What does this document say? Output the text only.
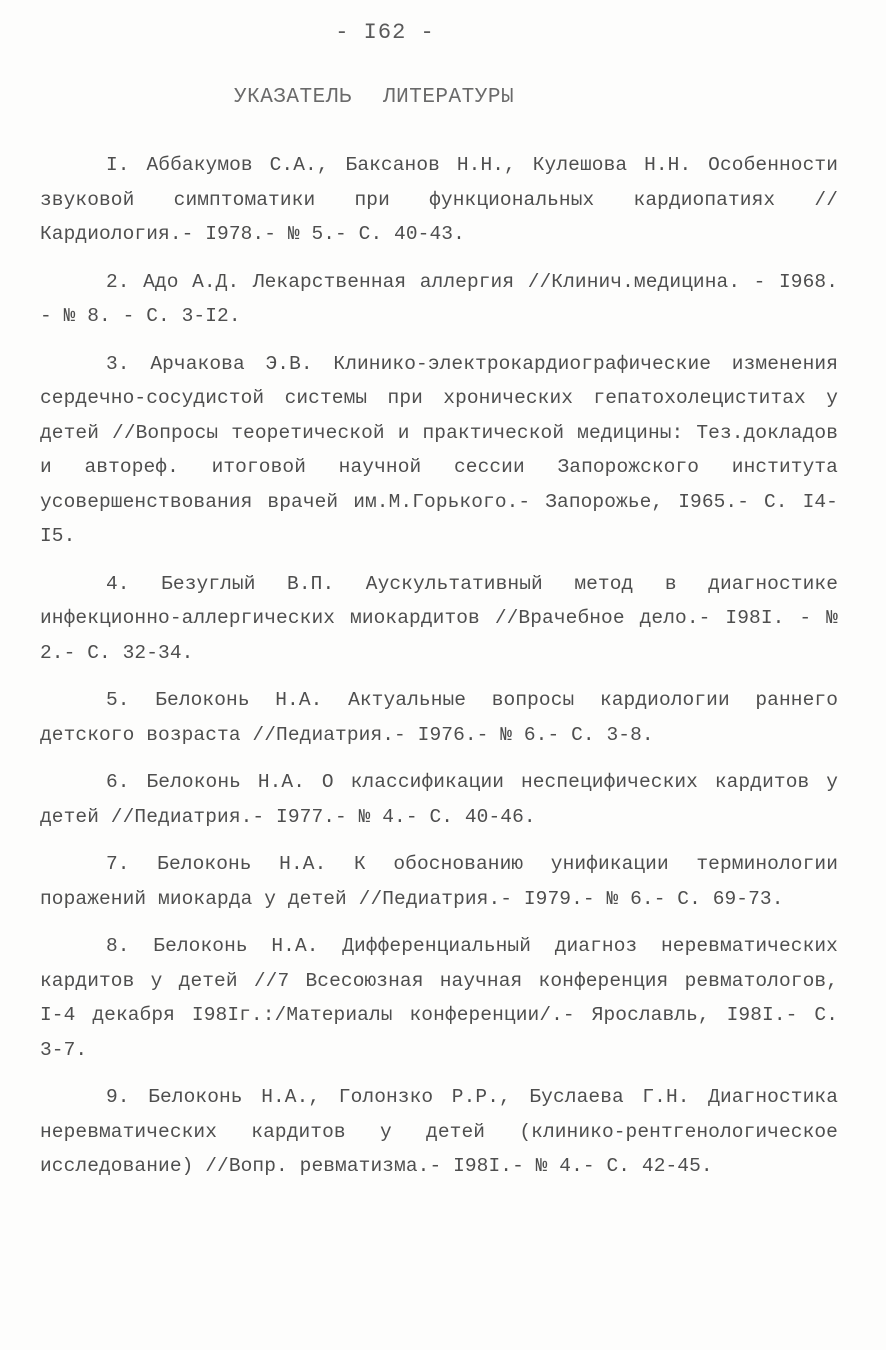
- I62 -
УКАЗАТЕЛЬ ЛИТЕРАТУРЫ
I. Аббакумов С.А., Баксанов Н.Н., Кулешова Н.Н. Особенности звуковой симптоматики при функциональных кардиопатиях //Кардиология.- I978.- № 5.- С. 40-43.
2. Адо А.Д. Лекарственная аллергия //Клинич.медицина. - I968. - № 8. - С. 3-I2.
3. Арчакова Э.В. Клинико-электрокардиографические изменения сердечно-сосудистой системы при хронических гепатохолециститах у детей //Вопросы теоретической и практической медицины: Тез.докладов и автореф. итоговой научной сессии Запорожского института усовершенствования врачей им.М.Горького.- Запорожье, I965.- С. I4-I5.
4. Безуглый В.П. Аускультативный метод в диагностике инфекционно-аллергических миокардитов //Врачебное дело.- I98I. - № 2.- С. 32-34.
5. Белоконь Н.А. Актуальные вопросы кардиологии раннего детского возраста //Педиатрия.- I976.- № 6.- С. 3-8.
6. Белоконь Н.А. О классификации неспецифических кардитов у детей //Педиатрия.- I977.- № 4.- С. 40-46.
7. Белоконь Н.А. К обоснованию унификации терминологии поражений миокарда у детей //Педиатрия.- I979.- № 6.- С. 69-73.
8. Белоконь Н.А. Дифференциальный диагноз неревматических кардитов у детей //7 Всесоюзная научная конференция ревматологов, I-4 декабря I98Iг.:/Материалы конференции/.- Ярославль, I98I.- С. 3-7.
9. Белоконь Н.А., Голонзко Р.Р., Буслаева Г.Н. Диагностика неревматических кардитов у детей (клинико-рентгенологическое исследование) //Вопр. ревматизма.- I98I.- № 4.- С. 42-45.
